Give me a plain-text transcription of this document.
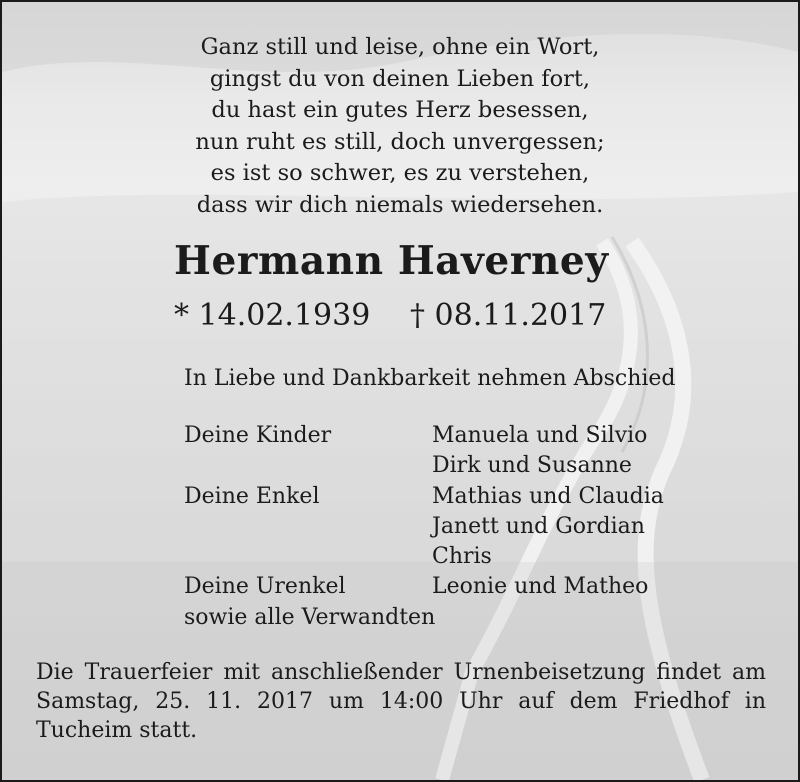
Ganz still und leise, ohne ein Wort,
gingst du von deinen Lieben fort,
du hast ein gutes Herz besessen,
nun ruht es still, doch unvergessen;
es ist so schwer, es zu verstehen,
dass wir dich niemals wiedersehen.
Hermann Haverney
* 14.02.1939 † 08.11.2017
In Liebe und Dankbarkeit nehmen Abschied
Deine Kinder	Manuela und Silvio
Dirk und Susanne
Deine Enkel	Mathias und Claudia
Janett und Gordian
Chris
Deine Urenkel	Leonie und Matheo
sowie alle Verwandten
Die Trauerfeier mit anschließender Urnenbeisetzung findet am Samstag, 25. 11. 2017 um 14:00 Uhr auf dem Friedhof in Tucheim statt.
